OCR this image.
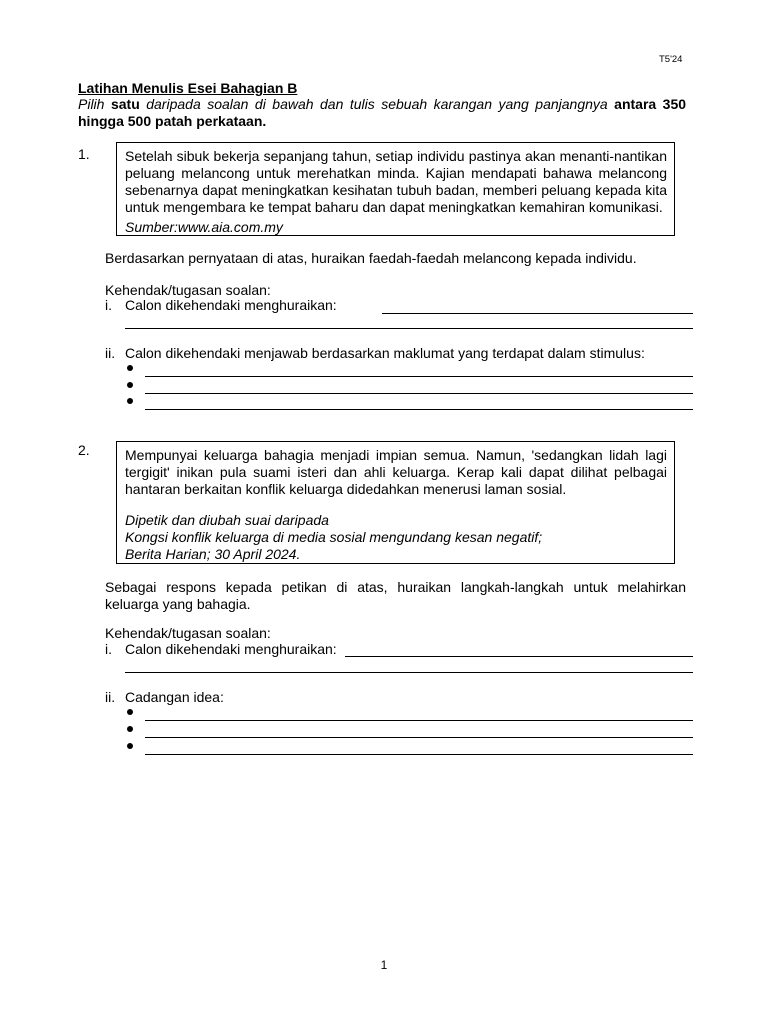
T5'24
Latihan Menulis Esei Bahagian B
Pilih satu daripada soalan di bawah dan tulis sebuah karangan yang panjangnya antara 350 hingga 500 patah perkataan.
1.	Setelah sibuk bekerja sepanjang tahun, setiap individu pastinya akan menanti-nantikan peluang melancong untuk merehatkan minda. Kajian mendapati bahawa melancong sebenarnya dapat meningkatkan kesihatan tubuh badan, memberi peluang kepada kita untuk mengembara ke tempat baharu dan dapat meningkatkan kemahiran komunikasi.

Sumber:www.aia.com.my

Berdasarkan pernyataan di atas, huraikan faedah-faedah melancong kepada individu.
Kehendak/tugasan soalan:
i. Calon dikehendaki menghuraikan:
ii. Calon dikehendaki menjawab berdasarkan maklumat yang terdapat dalam stimulus:
2.	Mempunyai keluarga bahagia menjadi impian semua. Namun, 'sedangkan lidah lagi tergigit' inikan pula suami isteri dan ahli keluarga. Kerap kali dapat dilihat pelbagai hantaran berkaitan konflik keluarga didedahkan menerusi laman sosial.

Dipetik dan diubah suai daripada

Kongsi konflik keluarga di media sosial mengundang kesan negatif;

Berita Harian; 30 April 2024.

Sebagai respons kepada petikan di atas, huraikan langkah-langkah untuk melahirkan keluarga yang bahagia.
Kehendak/tugasan soalan:
i. Calon dikehendaki menghuraikan:
ii. Cadangan idea:
1
